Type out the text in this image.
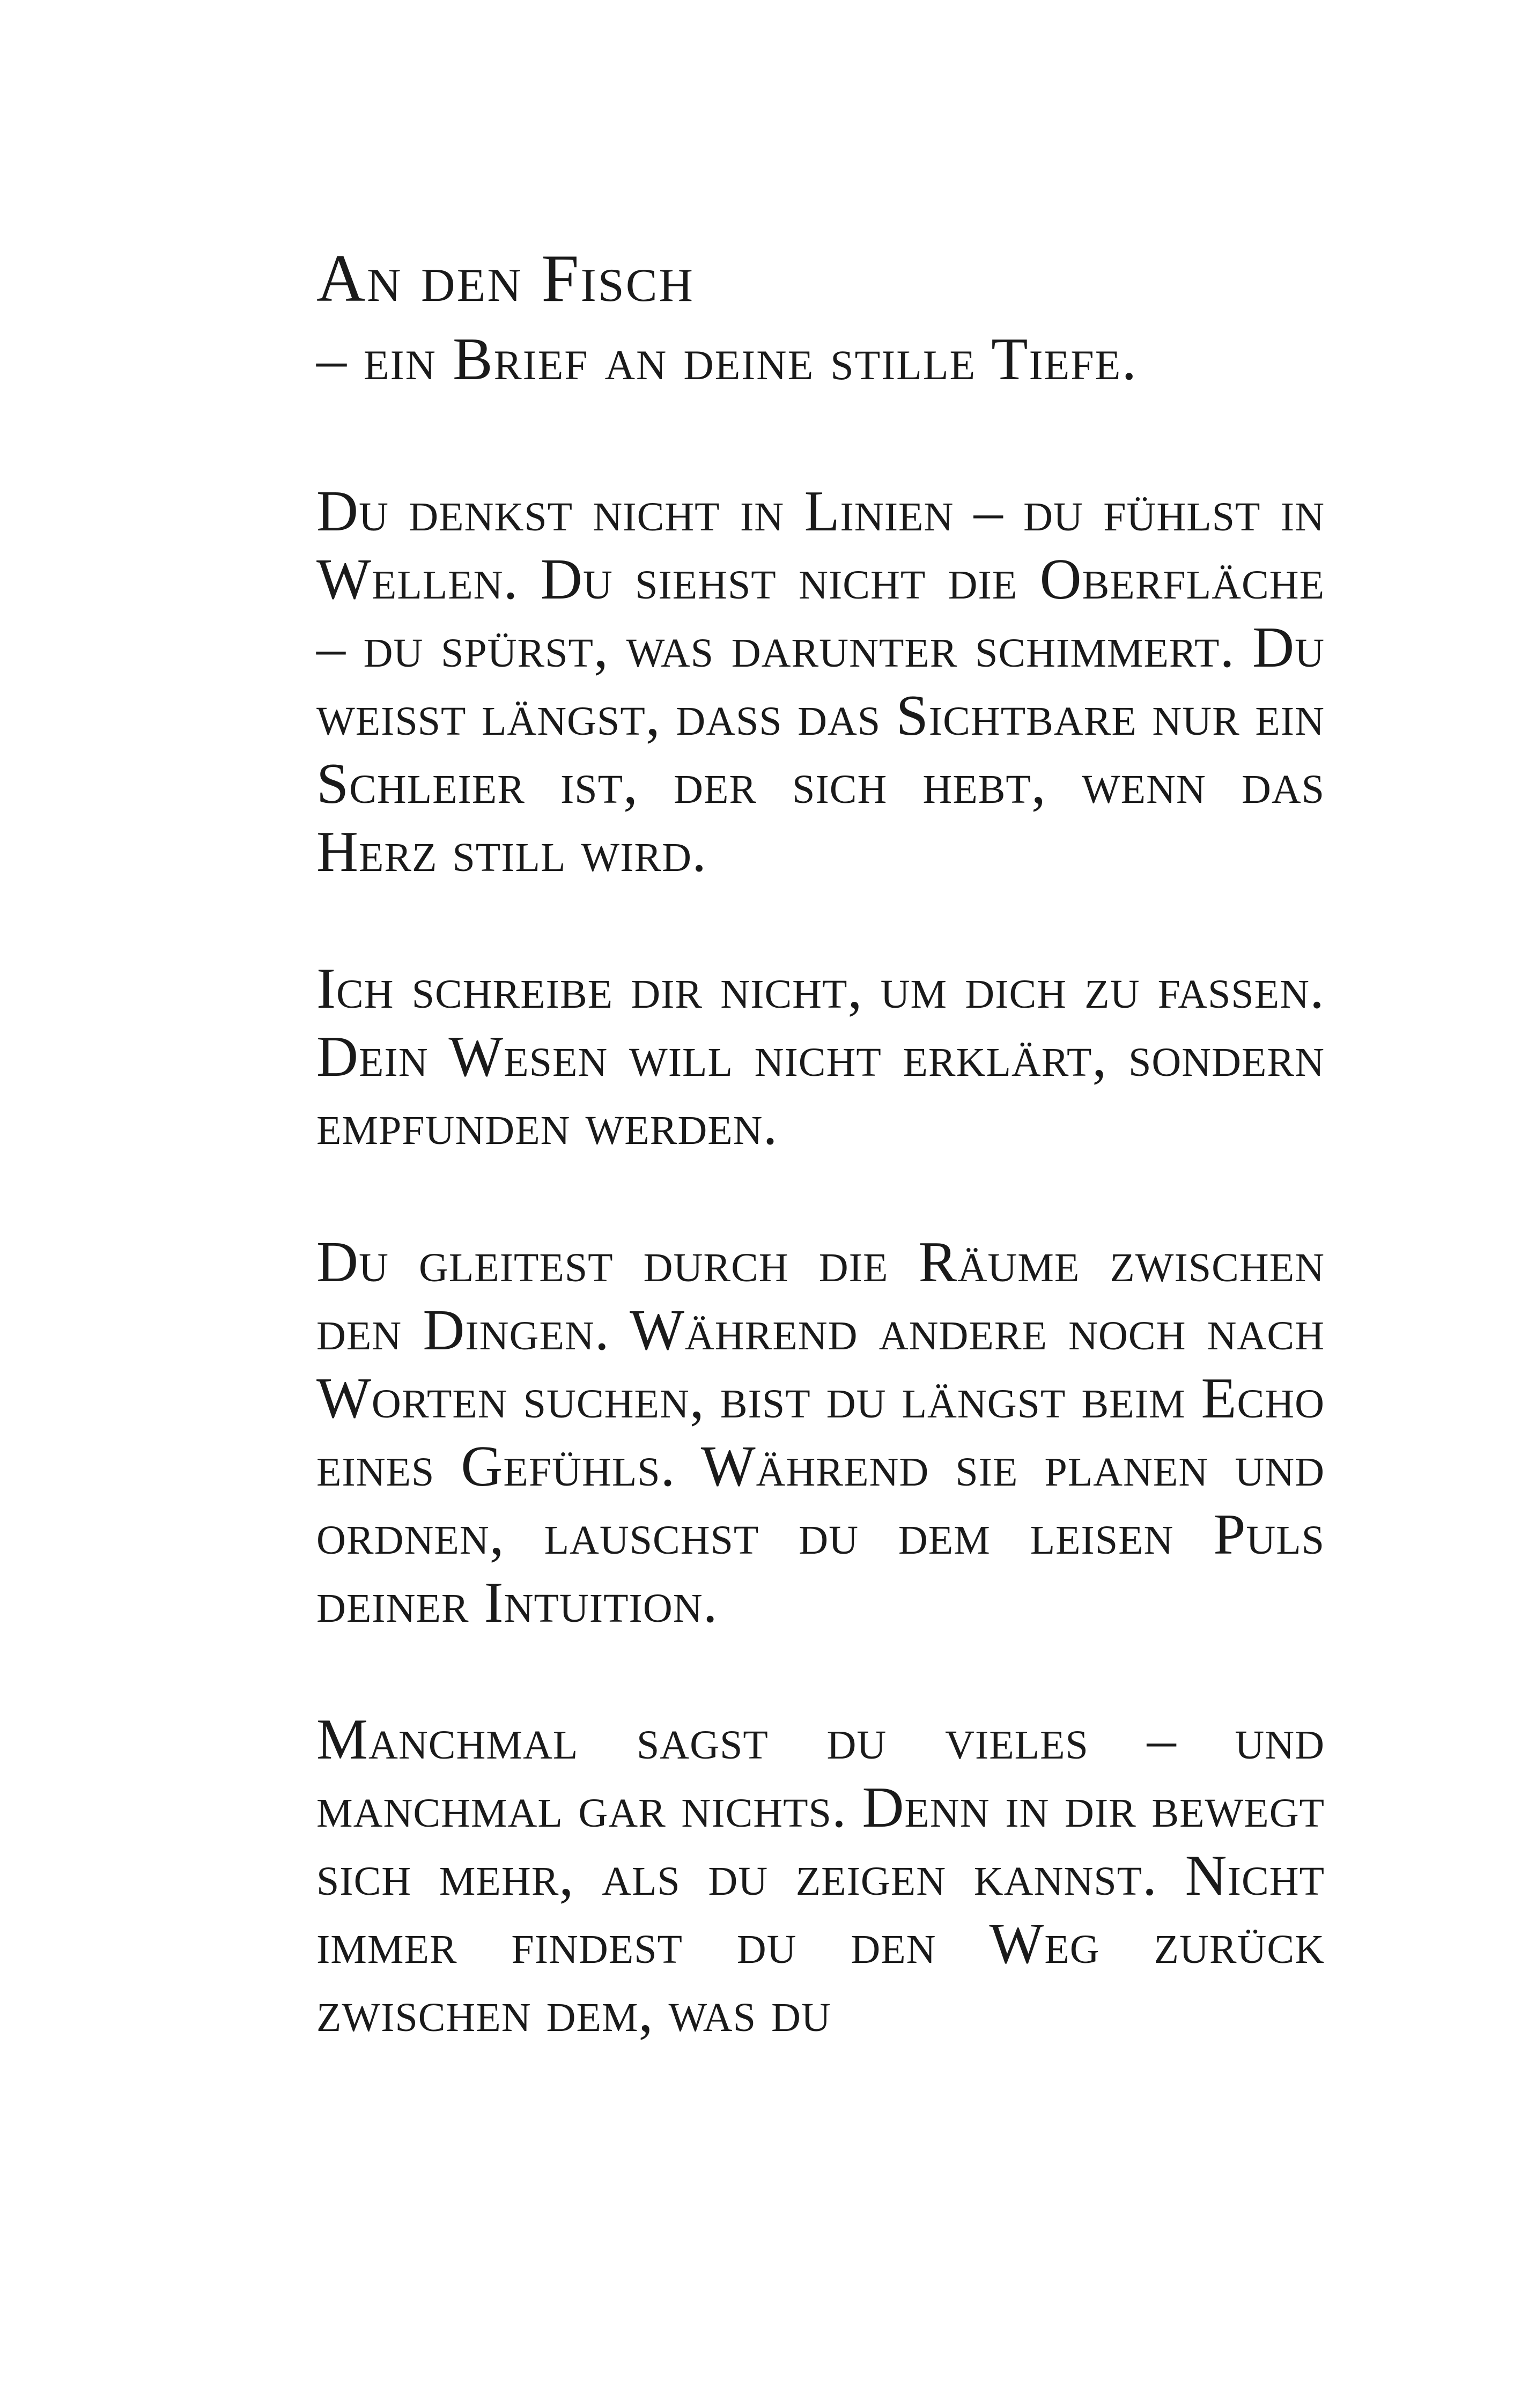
An den Fisch
– ein Brief an deine stille Tiefe.

Du denkst nicht in Linien – du fühlst in Wellen. Du siehst nicht die Oberfläche – du spürst, was darunter schimmert. Du weißt längst, dass das Sichtbare nur ein Schleier ist, der sich hebt, wenn das Herz still wird.

Ich schreibe dir nicht, um dich zu fassen. Dein Wesen will nicht erklärt, sondern empfunden werden.

Du gleitest durch die Räume zwischen den Dingen. Während andere noch nach Worten suchen, bist du längst beim Echo eines Gefühls. Während sie planen und ordnen, lauschst du dem leisen Puls deiner Intuition.

Manchmal sagst du vieles – und manchmal gar nichts. Denn in dir bewegt sich mehr, als du zeigen kannst. Nicht immer findest du den Weg zurück zwischen dem, was du
